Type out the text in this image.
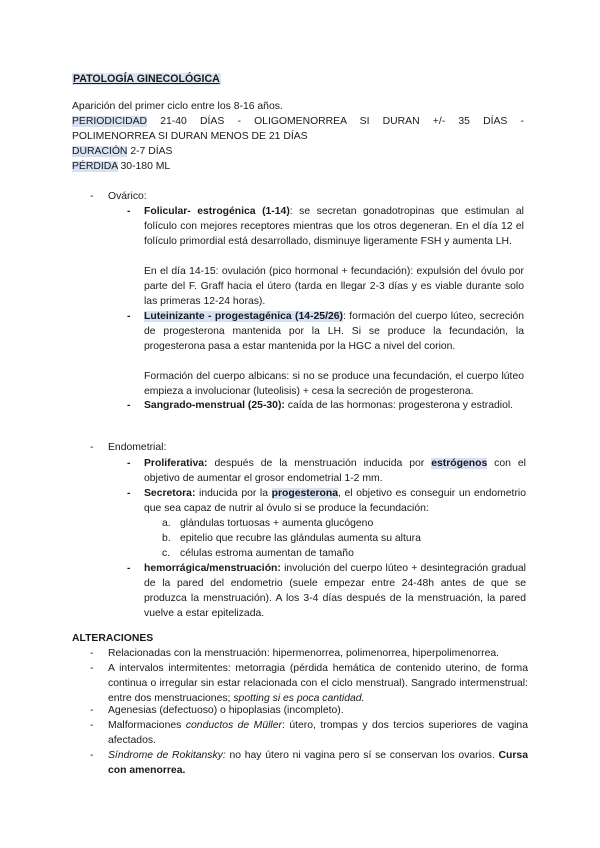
PATOLOGÍA GINECOLÓGICA
Aparición del primer ciclo entre los 8-16 años.
PERIODICIDAD 21-40 DÍAS - OLIGOMENORREA SI DURAN +/- 35 DÍAS -
POLIMENORREA SI DURAN MENOS DE 21 DÍAS
DURACIÓN 2-7 DÍAS
PÉRDIDA 30-180 ML
- Ovárico:
- Folicular- estrogénica (1-14): se secretan gonadotropinas que estimulan al folículo con mejores receptores mientras que los otros degeneran. En el día 12 el folículo primordial está desarrollado, disminuye ligeramente FSH y aumenta LH.
En el día 14-15: ovulación (pico hormonal + fecundación): expulsión del óvulo por parte del F. Graff hacia el útero (tarda en llegar 2-3 días y es viable durante solo las primeras 12-24 horas).
- Luteinizante - progestagénica (14-25/26): formación del cuerpo lúteo, secreción de progesterona mantenida por la LH. Si se produce la fecundación, la progesterona pasa a estar mantenida por la HGC a nivel del corion.
Formación del cuerpo albicans: si no se produce una fecundación, el cuerpo lúteo empieza a involucionar (luteolisis) + cesa la secreción de progesterona.
- Sangrado-menstrual (25-30): caída de las hormonas: progesterona y estradiol.
- Endometrial:
- Proliferativa: después de la menstruación inducida por estrógenos con el objetivo de aumentar el grosor endometrial 1-2 mm.
- Secretora: inducida por la progesterona, el objetivo es conseguir un endometrio que sea capaz de nutrir al óvulo si se produce la fecundación:
a. glándulas tortuosas + aumenta glucógeno
b. epitelio que recubre las glándulas aumenta su altura
c. células estroma aumentan de tamaño
- hemorrágica/menstruación: involución del cuerpo lúteo + desintegración gradual de la pared del endometrio (suele empezar entre 24-48h antes de que se produzca la menstruación). A los 3-4 días después de la menstruación, la pared vuelve a estar epitelizada.
ALTERACIONES
- Relacionadas con la menstruación: hipermenorrea, polimenorrea, hiperpolimenorrea.
- A intervalos intermitentes: metorragia (pérdida hemática de contenido uterino, de forma continua o irregular sin estar relacionada con el ciclo menstrual). Sangrado intermenstrual: entre dos menstruaciones; spotting si es poca cantidad.
- Agenesias (defectuoso) o hipoplasias (incompleto).
- Malformaciones conductos de Müller: útero, trompas y dos tercios superiores de vagina afectados.
- Síndrome de Rokitansky: no hay útero ni vagina pero sí se conservan los ovarios. Cursa con amenorrea.
